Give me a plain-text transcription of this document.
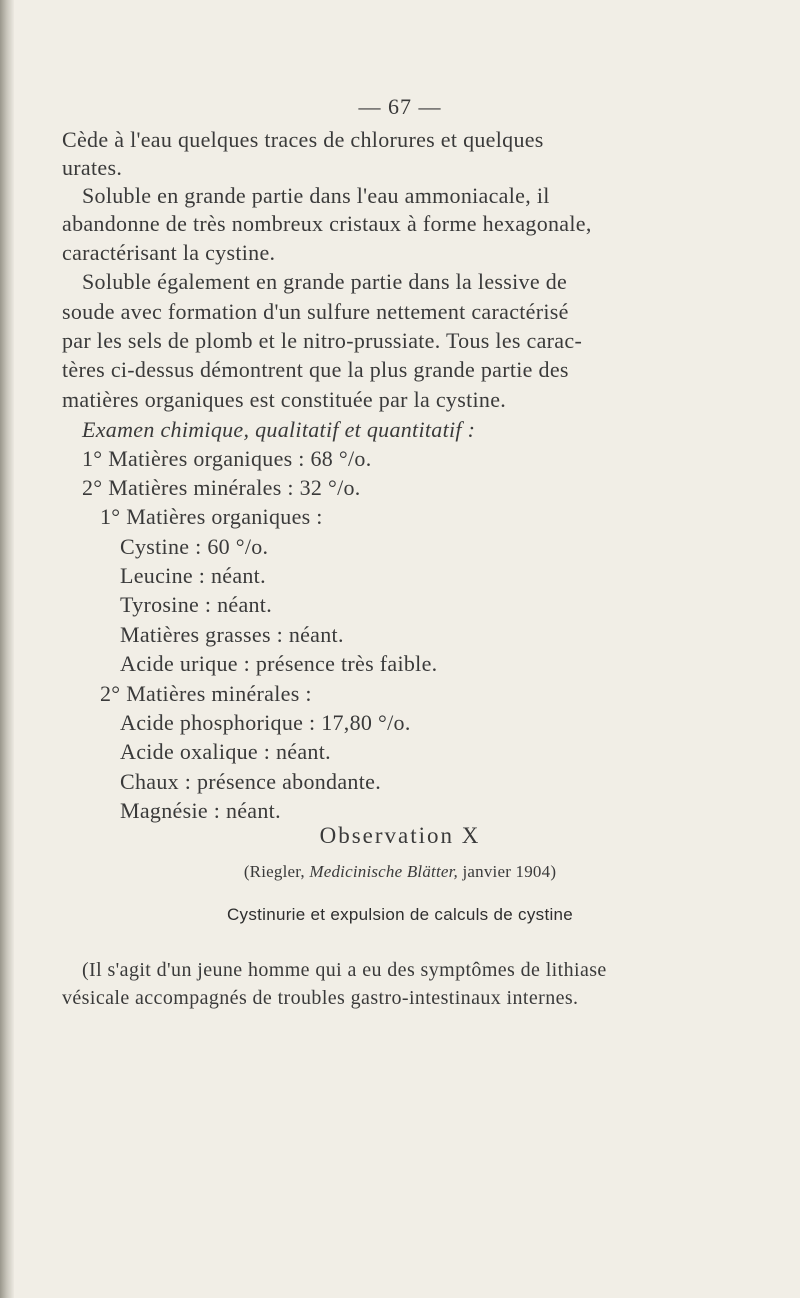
— 67 —
Cède à l'eau quelques traces de chlorures et quelques
urates.
Soluble en grande partie dans l'eau ammoniacale, il
abandonne de très nombreux cristaux à forme hexagonale,
caractérisant la cystine.
Soluble également en grande partie dans la lessive de
soude avec formation d'un sulfure nettement caractérisé
par les sels de plomb et le nitro-prussiate. Tous les carac-
tères ci-dessus démontrent que la plus grande partie des
matières organiques est constituée par la cystine.
Examen chimique, qualitatif et quantitatif :
1° Matières organiques : 68 °/o.
2° Matières minérales : 32 °/o.
1° Matières organiques :
Cystine : 60 °/o.
Leucine : néant.
Tyrosine : néant.
Matières grasses : néant.
Acide urique : présence très faible.
2° Matières minérales :
Acide phosphorique : 17,80 °/o.
Acide oxalique : néant.
Chaux : présence abondante.
Magnésie : néant.
Observation X
(Riegler, Medicinische Blätter, janvier 1904)
Cystinurie et expulsion de calculs de cystine
(Il s'agit d'un jeune homme qui a eu des symptômes de lithiase
vésicale accompagnés de troubles gastro-intestinaux internes.
